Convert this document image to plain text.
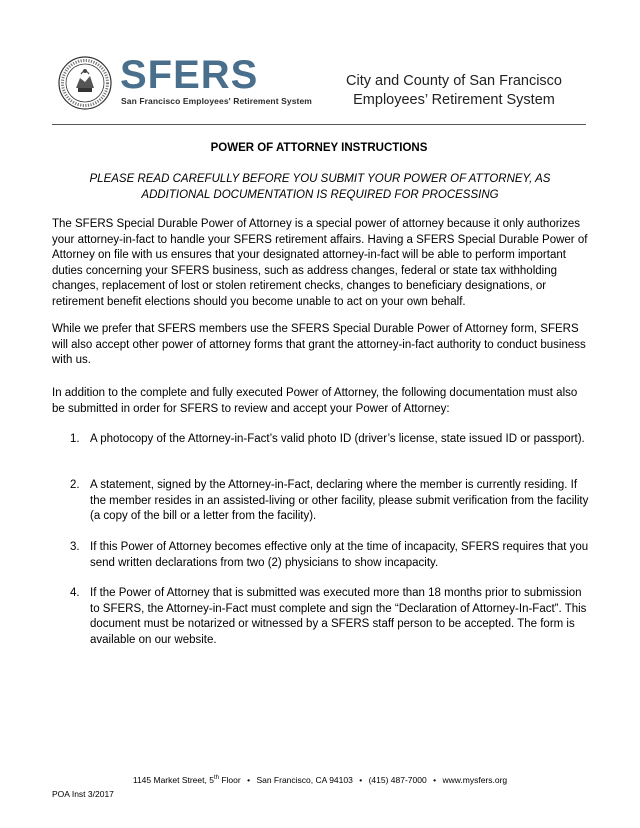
SFERS
San Francisco Employees' Retirement System
City and County of San Francisco
Employees’ Retirement System
POWER OF ATTORNEY INSTRUCTIONS
PLEASE READ CAREFULLY BEFORE YOU SUBMIT YOUR POWER OF ATTORNEY, AS ADDITIONAL DOCUMENTATION IS REQUIRED FOR PROCESSING
The SFERS Special Durable Power of Attorney is a special power of attorney because it only authorizes your attorney-in-fact to handle your SFERS retirement affairs. Having a SFERS Special Durable Power of Attorney on file with us ensures that your designated attorney-in-fact will be able to perform important duties concerning your SFERS business, such as address changes, federal or state tax withholding changes, replacement of lost or stolen retirement checks, changes to beneficiary designations, or retirement benefit elections should you become unable to act on your own behalf.
While we prefer that SFERS members use the SFERS Special Durable Power of Attorney form, SFERS will also accept other power of attorney forms that grant the attorney-in-fact authority to conduct business with us.
In addition to the complete and fully executed Power of Attorney, the following documentation must also be submitted in order for SFERS to review and accept your Power of Attorney:
1. A photocopy of the Attorney-in-Fact’s valid photo ID (driver’s license, state issued ID or passport).
2. A statement, signed by the Attorney-in-Fact, declaring where the member is currently residing. If the member resides in an assisted-living or other facility, please submit verification from the facility (a copy of the bill or a letter from the facility).
3. If this Power of Attorney becomes effective only at the time of incapacity, SFERS requires that you send written declarations from two (2) physicians to show incapacity.
4. If the Power of Attorney that is submitted was executed more than 18 months prior to submission to SFERS, the Attorney-in-Fact must complete and sign the “Declaration of Attorney-In-Fact”. This document must be notarized or witnessed by a SFERS staff person to be accepted. The form is available on our website.
1145 Market Street, 5th Floor • San Francisco, CA 94103 • (415) 487-7000 • www.mysfers.org
POA Inst 3/2017
